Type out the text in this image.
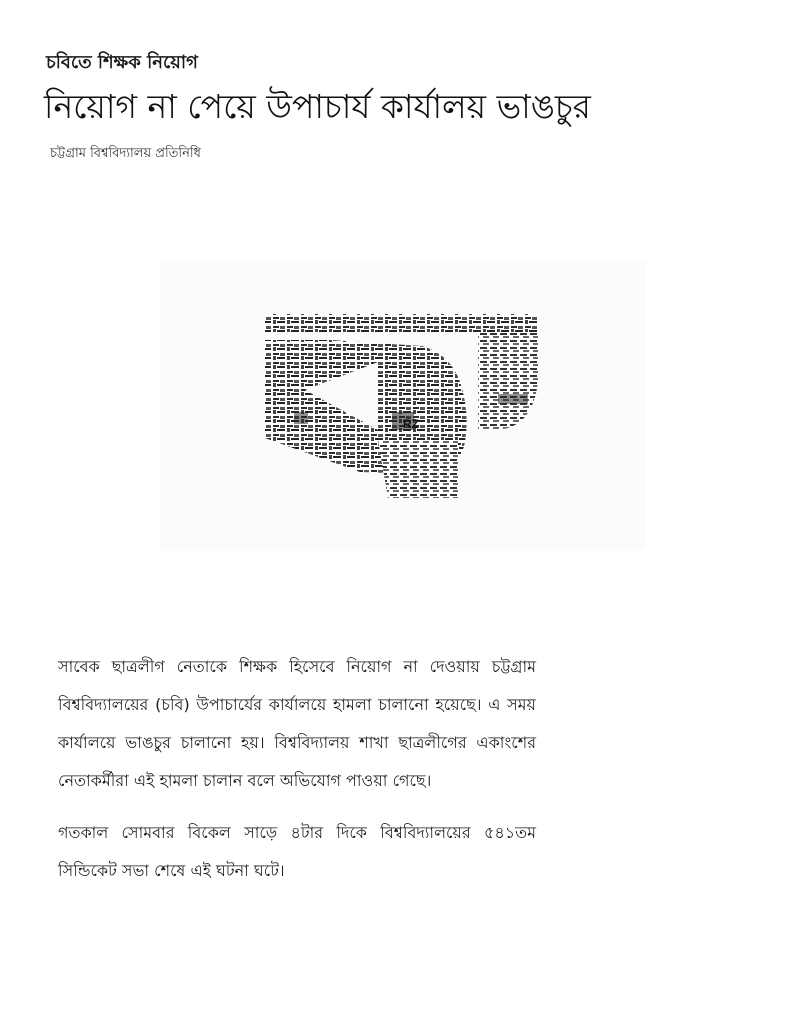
চবিতে শিক্ষক নিয়োগ
নিয়োগ না পেয়ে উপাচার্য কার্যালয় ভাঙচুর
চট্টগ্রাম বিশ্ববিদ্যালয় প্রতিনিধি
RZ

সাবেক ছাত্রলীগ নেতাকে শিক্ষক হিসেবে নিয়োগ না দেওয়ায় চট্টগ্রাম বিশ্ববিদ্যালয়ের (চবি) উপাচার্যের কার্যালয়ে হামলা চালানো হয়েছে। এ সময় কার্যালয়ে ভাঙচুর চালানো হয়। বিশ্ববিদ্যালয় শাখা ছাত্রলীগের একাংশের নেতাকর্মীরা এই হামলা চালান বলে অভিযোগ পাওয়া গেছে।

গতকাল সোমবার বিকেল সাড়ে ৪টার দিকে বিশ্ববিদ্যালয়ের ৫৪১তম সিন্ডিকেট সভা শেষে এই ঘটনা ঘটে।
